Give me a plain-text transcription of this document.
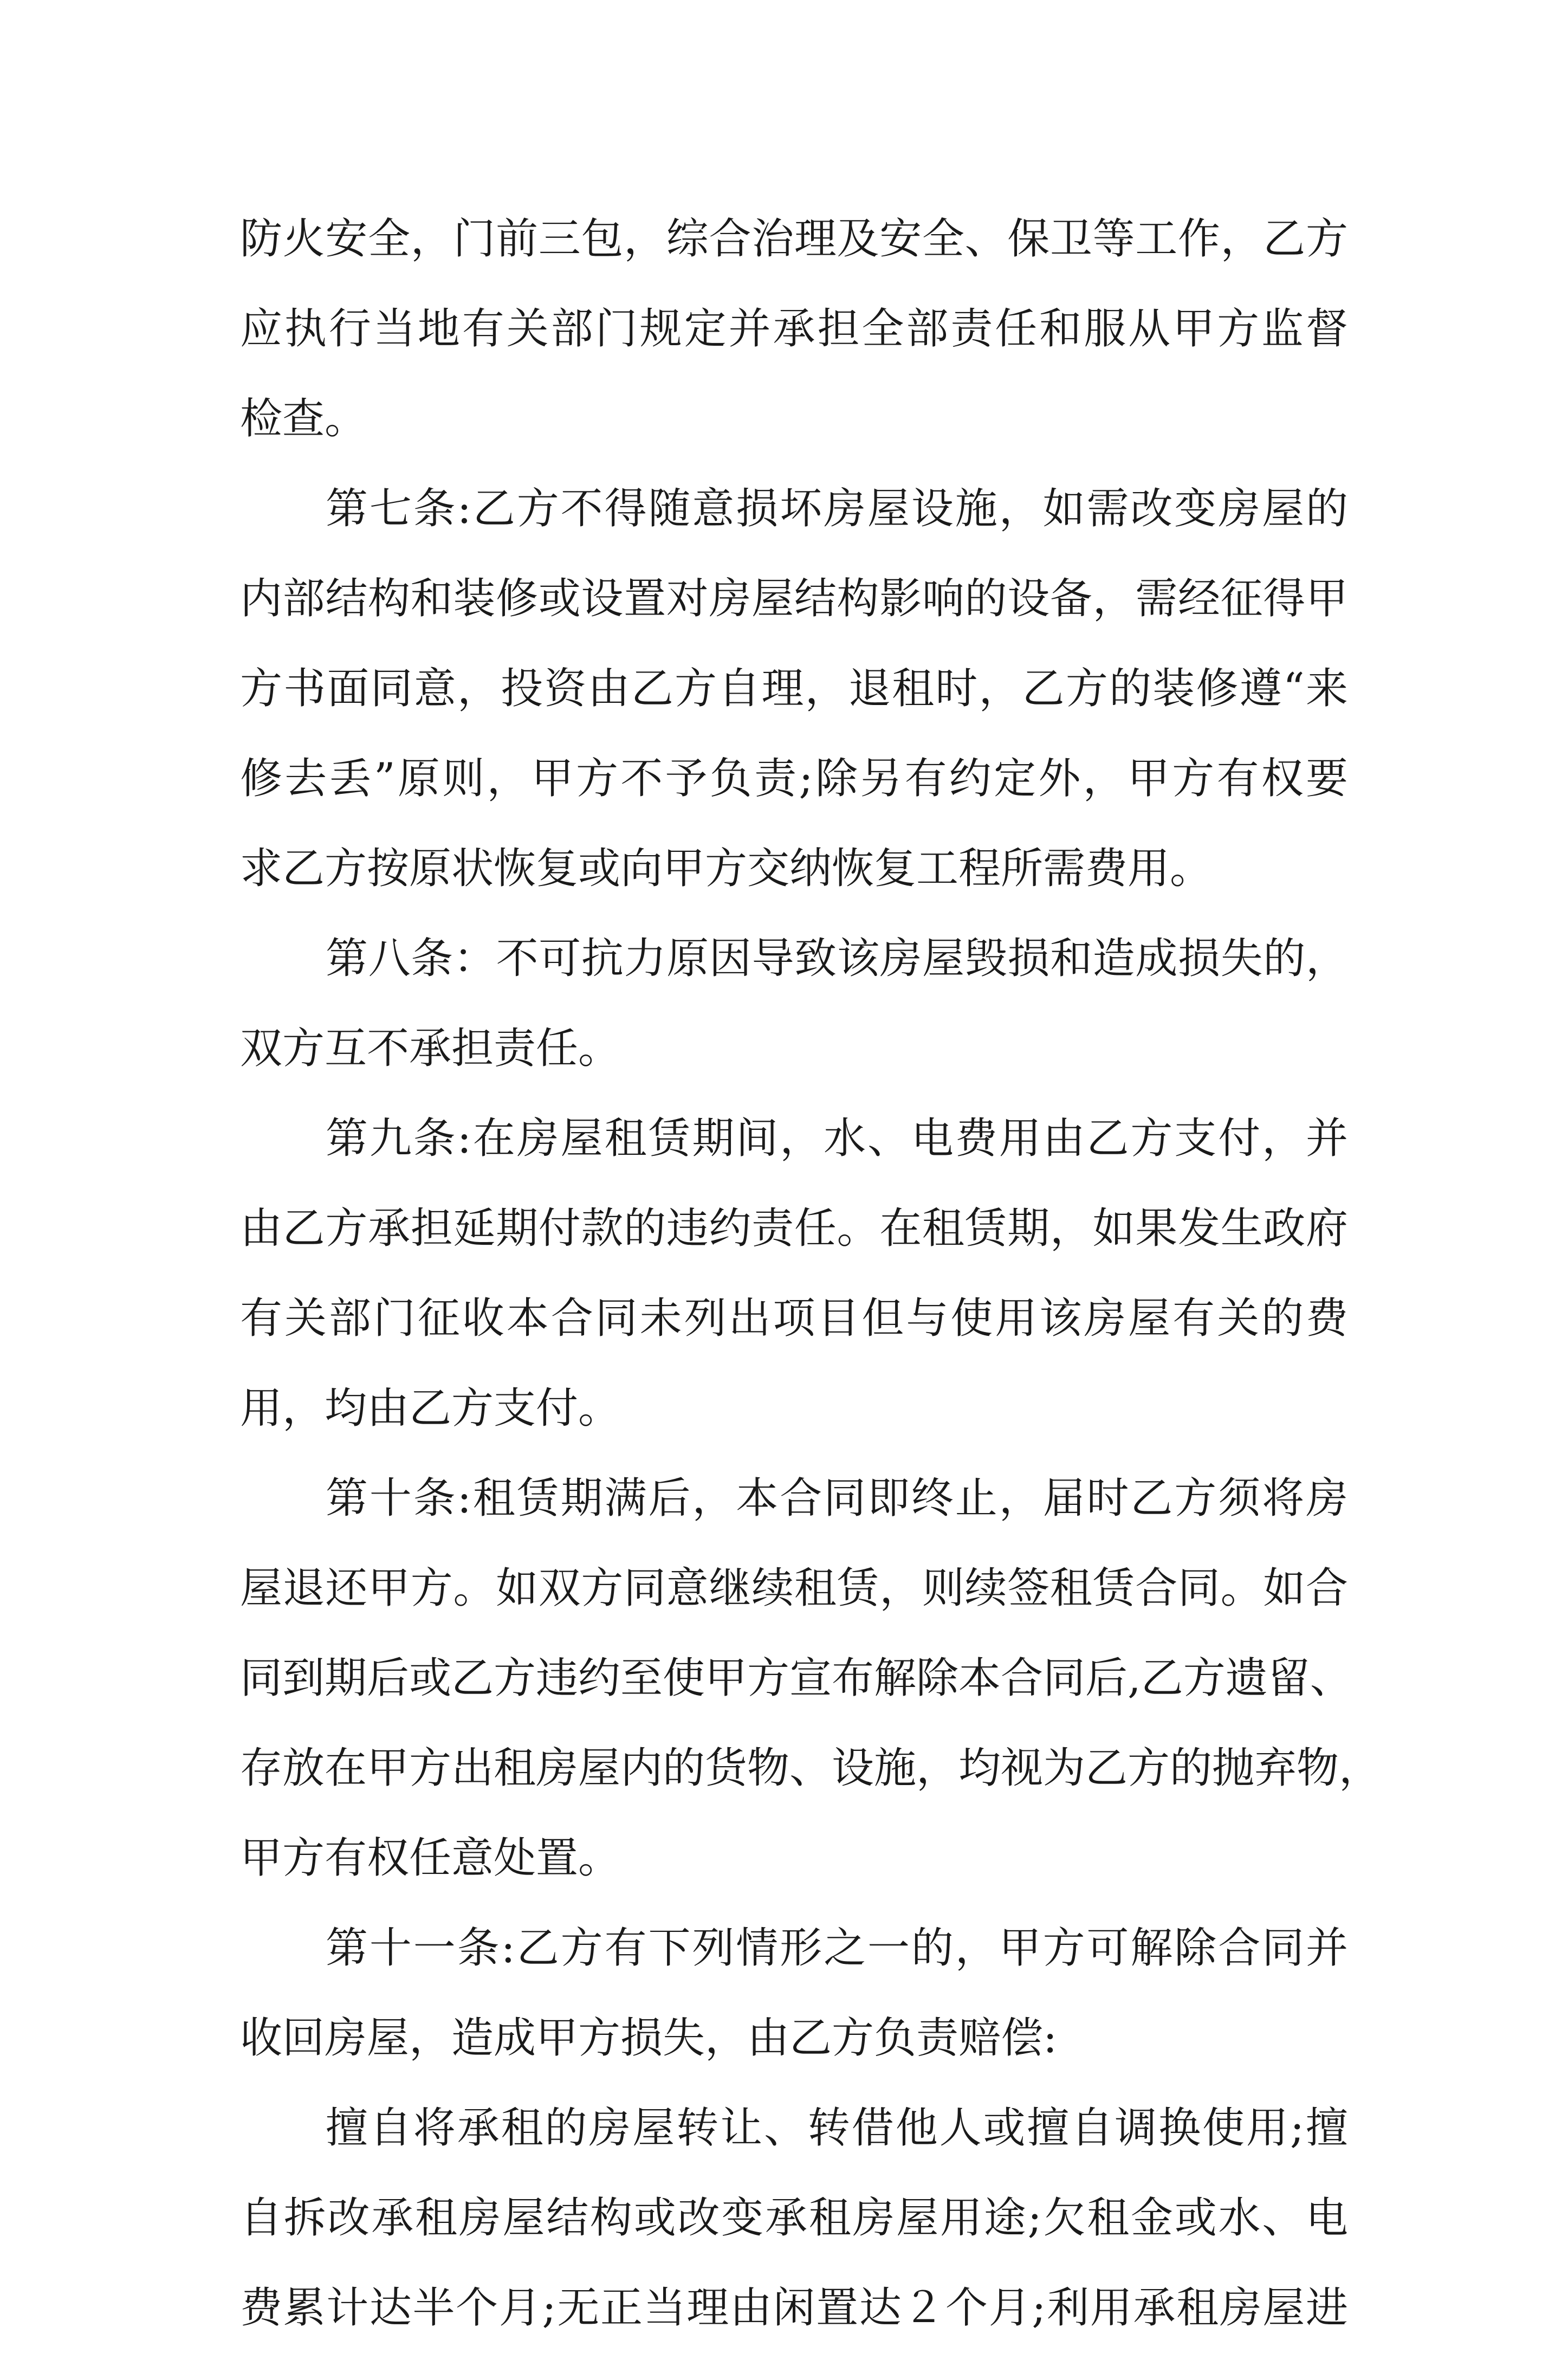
防火安全，门前三包，综合治理及安全、保卫等工作，乙方
应执行当地有关部门规定并承担全部责任和服从甲方监督
检查。
第七条:乙方不得随意损坏房屋设施，如需改变房屋的
内部结构和装修或设置对房屋结构影响的设备，需经征得甲
方书面同意，投资由乙方自理，退租时，乙方的装修遵“来
修去丢”原则，甲方不予负责;除另有约定外，甲方有权要
求乙方按原状恢复或向甲方交纳恢复工程所需费用。
第八条：不可抗力原因导致该房屋毁损和造成损失的，
双方互不承担责任。
第九条:在房屋租赁期间，水、电费用由乙方支付，并
由乙方承担延期付款的违约责任。在租赁期，如果发生政府
有关部门征收本合同未列出项目但与使用该房屋有关的费
用，均由乙方支付。
第十条:租赁期满后，本合同即终止，届时乙方须将房
屋退还甲方。如双方同意继续租赁，则续签租赁合同。如合
同到期后或乙方违约至使甲方宣布解除本合同后,乙方遗留、
存放在甲方出租房屋内的货物、设施，均视为乙方的抛弃物，
甲方有权任意处置。
第十一条:乙方有下列情形之一的，甲方可解除合同并
收回房屋，造成甲方损失，由乙方负责赔偿:
擅自将承租的房屋转让、转借他人或擅自调换使用;擅
自拆改承租房屋结构或改变承租房屋用途;欠租金或水、电
费累计达半个月;无正当理由闲置达２个月;利用承租房屋进
